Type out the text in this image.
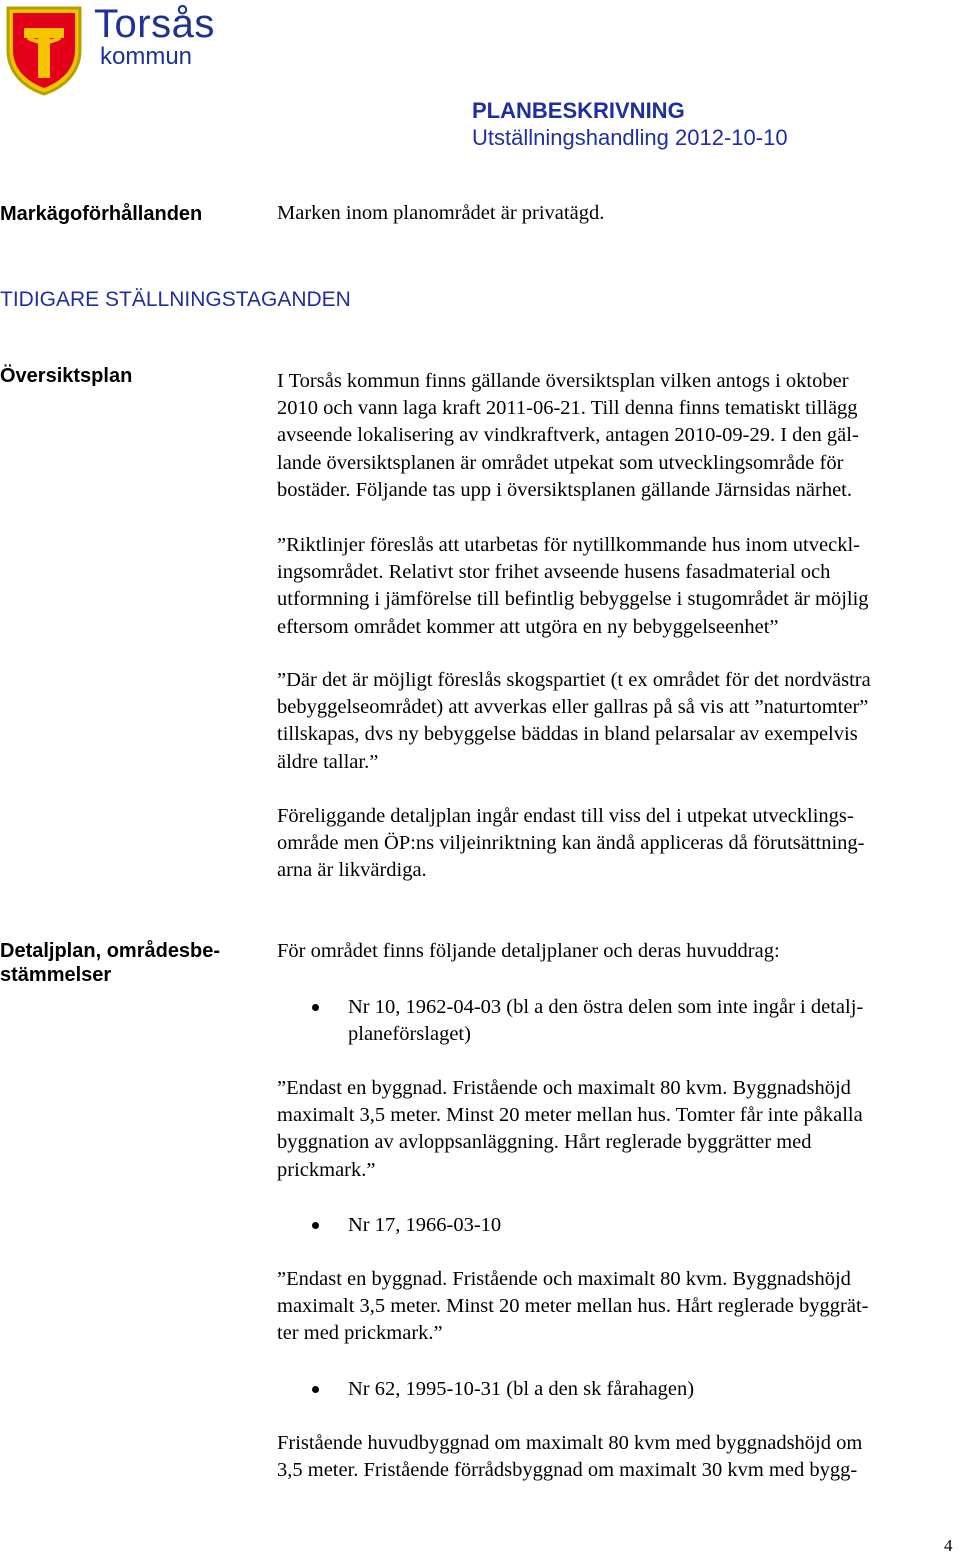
Torsås
kommun
PLANBESKRIVNING
Utställningshandling 2012-10-10
Markägoförhållanden	Marken inom planområdet är privatägd.
TIDIGARE STÄLLNINGSTAGANDEN
Översiktsplan	I Torsås kommun finns gällande översiktsplan vilken antogs i oktober
2010 och vann laga kraft 2011-06-21. Till denna finns tematiskt tillägg
avseende lokalisering av vindkraftverk, antagen 2010-09-29. I den gäl-
lande översiktsplanen är området utpekat som utvecklingsområde för
bostäder. Följande tas upp i översiktsplanen gällande Järnsidas närhet.
”Riktlinjer föreslås att utarbetas för nytillkommande hus inom utveckl-
ingsområdet. Relativt stor frihet avseende husens fasadmaterial och
utformning i jämförelse till befintlig bebyggelse i stugområdet är möjlig
eftersom området kommer att utgöra en ny bebyggelseenhet”
”Där det är möjligt föreslås skogspartiet (t ex området för det nordvästra
bebyggelseområdet) att avverkas eller gallras på så vis att ”naturtomter”
tillskapas, dvs ny bebyggelse bäddas in bland pelarsalar av exempelvis
äldre tallar.”
Föreliggande detaljplan ingår endast till viss del i utpekat utvecklings-
område men ÖP:ns viljeinriktning kan ändå appliceras då förutsättning-
arna är likvärdiga.
Detaljplan, områdesbe-
stämmelser
För området finns följande detaljplaner och deras huvuddrag:
Nr 10, 1962-04-03 (bl a den östra delen som inte ingår i detalj-
planeförslaget)
”Endast en byggnad. Fristående och maximalt 80 kvm. Byggnadshöjd
maximalt 3,5 meter. Minst 20 meter mellan hus. Tomter får inte påkalla
byggnation av avloppsanläggning. Hårt reglerade byggrätter med
prickmark.”
Nr 17, 1966-03-10
”Endast en byggnad. Fristående och maximalt 80 kvm. Byggnadshöjd
maximalt 3,5 meter. Minst 20 meter mellan hus. Hårt reglerade byggrät-
ter med prickmark.”
Nr 62, 1995-10-31 (bl a den sk fårahagen)
Fristående huvudbyggnad om maximalt 80 kvm med byggnadshöjd om
3,5 meter. Fristående förrådsbyggnad om maximalt 30 kvm med bygg-
4
